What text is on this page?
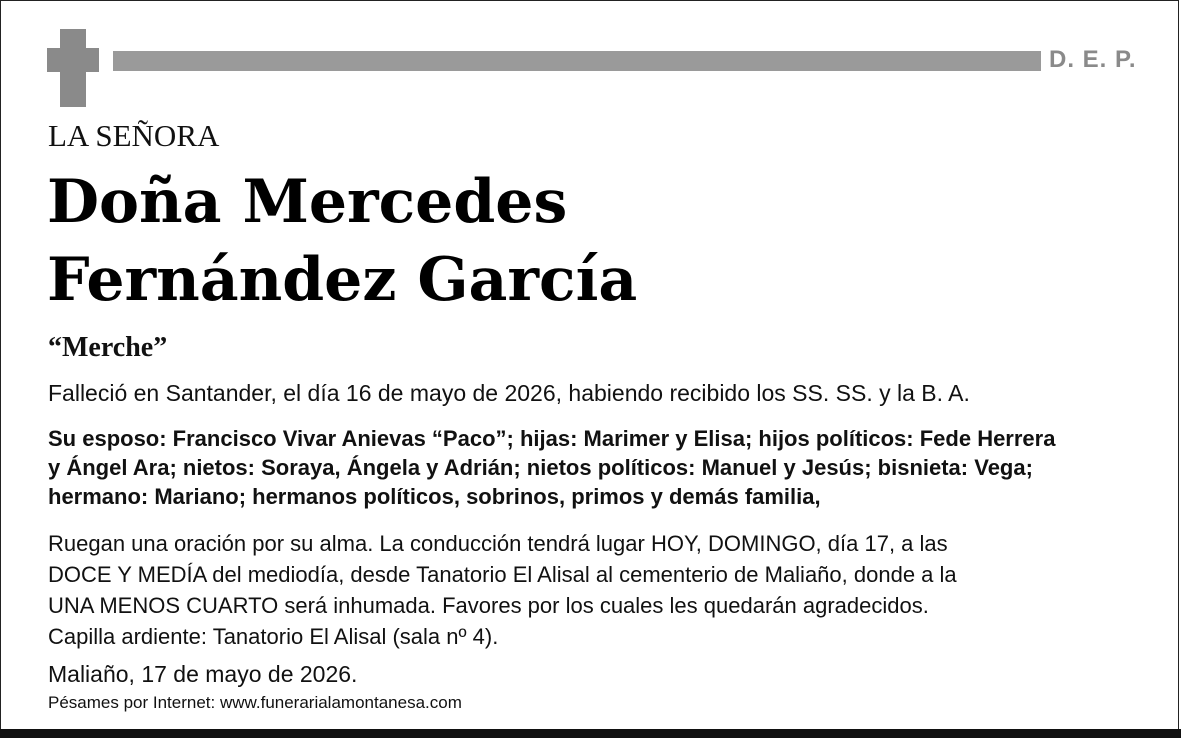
D. E. P.
LA SEÑORA
Doña Mercedes
Fernández García
“Merche”
Falleció en Santander, el día 16 de mayo de 2026, habiendo recibido los SS. SS. y la B. A.
Su esposo: Francisco Vivar Anievas “Paco”; hijas: Marimer y Elisa; hijos políticos: Fede Herrera
y Ángel Ara; nietos: Soraya, Ángela y Adrián; nietos políticos: Manuel y Jesús; bisnieta: Vega;
hermano: Mariano; hermanos políticos, sobrinos, primos y demás familia,
Ruegan una oración por su alma. La conducción tendrá lugar HOY, DOMINGO, día 17, a las
DOCE Y MEDÍA del mediodía, desde Tanatorio El Alisal al cementerio de Maliaño, donde a la
UNA MENOS CUARTO será inhumada. Favores por los cuales les quedarán agradecidos.
Capilla ardiente: Tanatorio El Alisal (sala nº 4).
Maliaño, 17 de mayo de 2026.
Pésames por Internet: www.funerarialamontanesa.com
